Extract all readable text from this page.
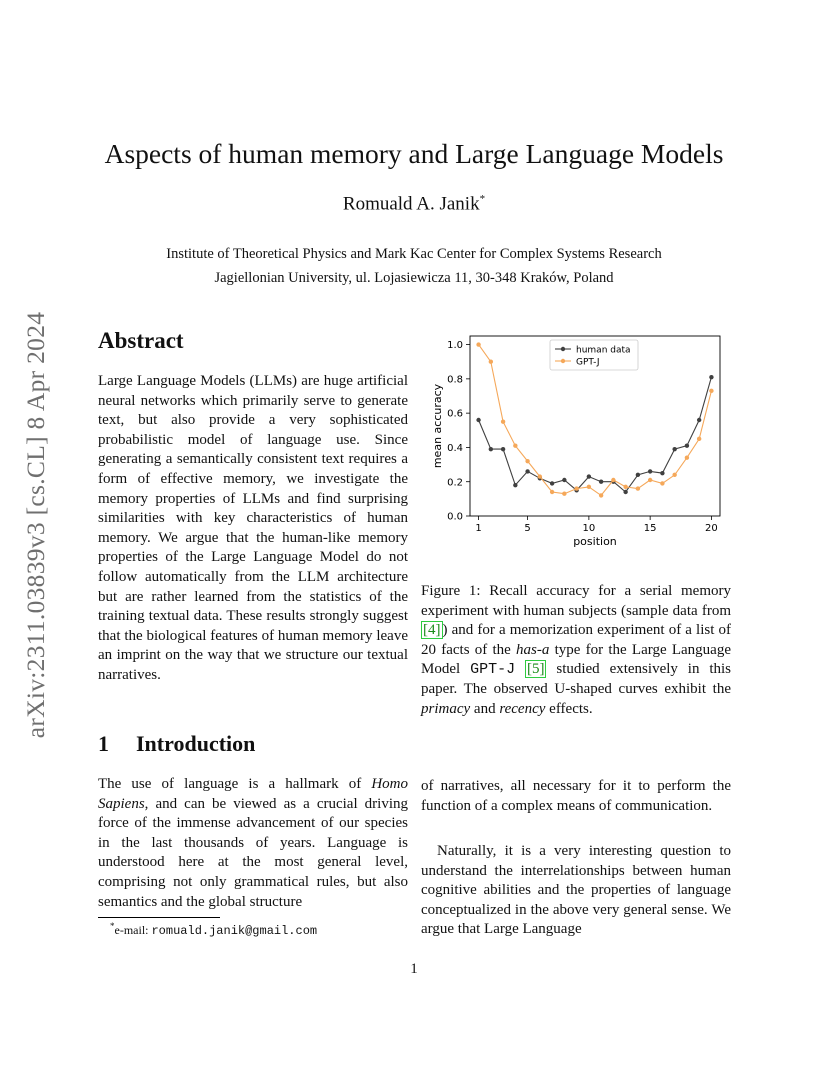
arXiv:2311.03839v3 [cs.CL] 8 Apr 2024
Aspects of human memory and Large Language Models
Romuald A. Janik*
Institute of Theoretical Physics and Mark Kac Center for Complex Systems Research
Jagiellonian University, ul. Lojasiewicza 11, 30-348 Kraków, Poland
Abstract
Large Language Models (LLMs) are huge artificial neural networks which primarily serve to generate text, but also provide a very sophisticated probabilistic model of language use. Since generating a semantically consistent text requires a form of effective memory, we investigate the memory properties of LLMs and find surprising similarities with key characteristics of human memory. We argue that the human-like memory properties of the Large Language Model do not follow automatically from the LLM architecture but are rather learned from the statistics of the training textual data. These results strongly suggest that the biological features of human memory leave an imprint on the way that we structure our textual narratives.
0.0
0.2
0.4
0.6
0.8
1.0
1	5	10	15	20
position
mean accuracy
human data
GPT-J
Figure 1: Recall accuracy for a serial memory experiment with human subjects (sample data from [4] ) and for a memorization experiment of a list of 20 facts of the has-a type for the Large Language Model GPT-J [5] studied extensively in this paper. The observed U-shaped curves exhibit the primacy and recency effects.
1 Introduction
The use of language is a hallmark of Homo Sapiens, and can be viewed as a crucial driving force of the immense advancement of our species in the last thousands of years. Language is understood here at the most general level, comprising not only grammatical rules, but also semantics and the global structure
of narratives, all necessary for it to perform the function of a complex means of communication.
Naturally, it is a very interesting question to understand the interrelationships between human cognitive abilities and the properties of language conceptualized in the above very general sense. We argue that Large Language
*e-mail: romuald.janik@gmail.com
1
